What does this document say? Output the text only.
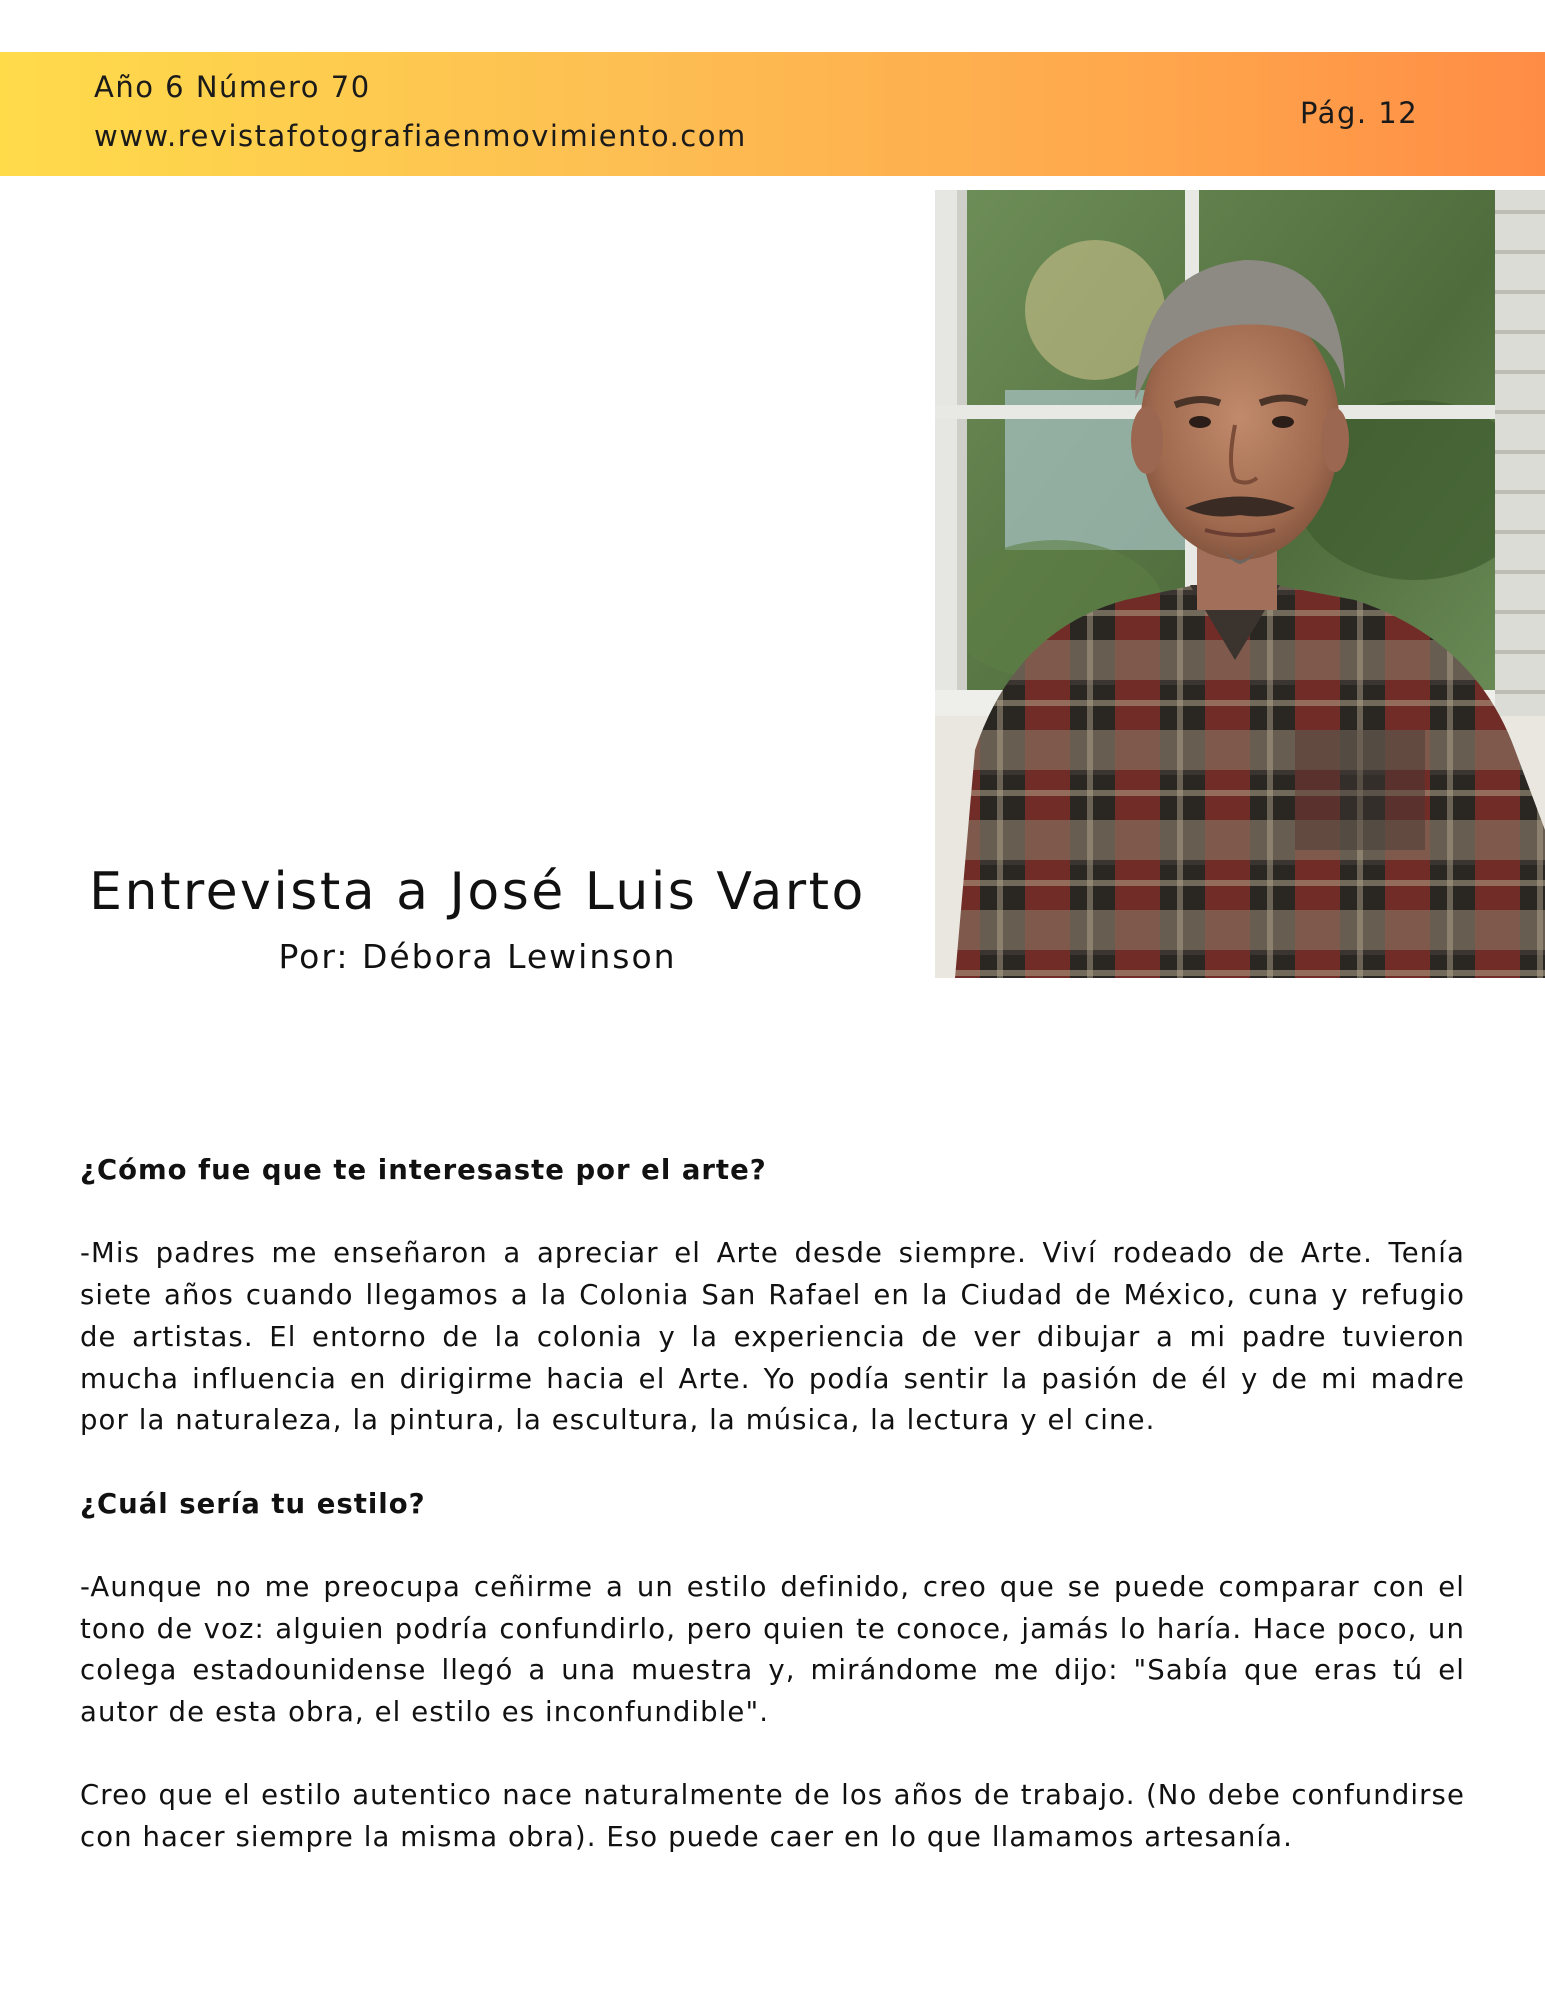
Año 6 Número 70
www.revistafotografiaenmovimiento.com
Pág. 12
Entrevista a José Luis Varto
Por: Débora Lewinson

¿Cómo fue que te interesaste por el arte?

-Mis padres me enseñaron a apreciar el Arte desde siempre. Viví rodeado de Arte. Tenía siete años cuando llegamos a la Colonia San Rafael en la Ciudad de México, cuna y refugio de artistas. El entorno de la colonia y la experiencia de ver dibujar a mi padre tuvieron mucha influencia en dirigirme hacia el Arte. Yo podía sentir la pasión de él y de mi madre por la naturaleza, la pintura, la escultura, la música, la lectura y el cine.

¿Cuál sería tu estilo?

-Aunque no me preocupa ceñirme a un estilo definido, creo que se puede comparar con el tono de voz: alguien podría confundirlo, pero quien te conoce, jamás lo haría. Hace poco, un colega estadounidense llegó a una muestra y, mirándome me dijo: "Sabía que eras tú el autor de esta obra, el estilo es inconfundible".

Creo que el estilo autentico nace naturalmente de los años de trabajo. (No debe confundirse con hacer siempre la misma obra). Eso puede caer en lo que llamamos artesanía.
